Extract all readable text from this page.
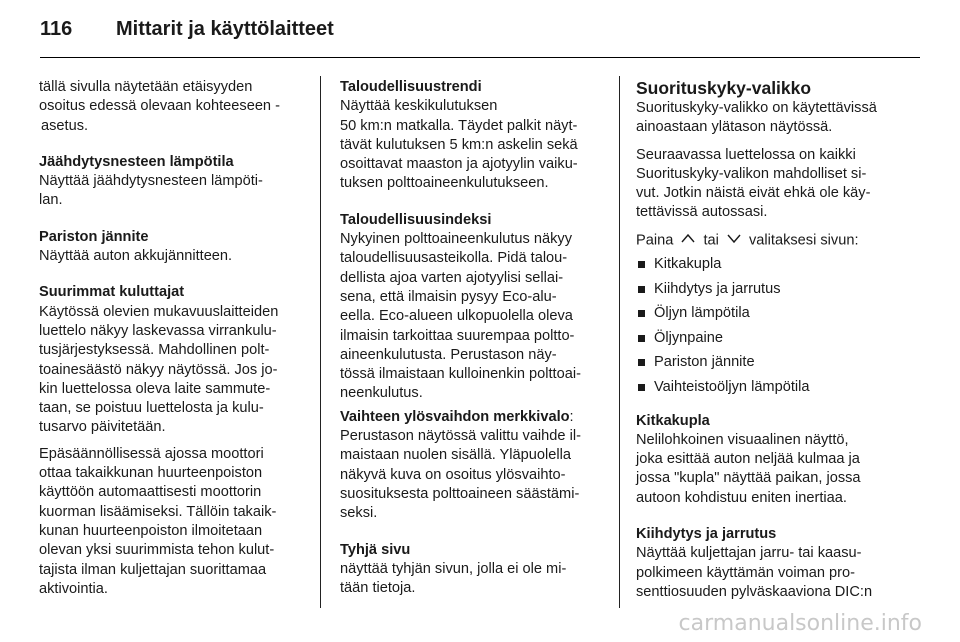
116	Mittarit ja käyttölaitteet
tällä sivulla näytetään etäisyyden
osoitus edessä olevaan kohteeseen -
asetus.
Jäähdytysnesteen lämpötila
Näyttää jäähdytysnesteen lämpöti-
lan.
Pariston jännite
Näyttää auton akkujännitteen.
Suurimmat kuluttajat
Käytössä olevien mukavuuslaitteiden
luettelo näkyy laskevassa virrankulu-
tusjärjestyksessä. Mahdollinen polt-
toainesäästö näkyy näytössä. Jos jo-
kin luettelossa oleva laite sammute-
taan, se poistuu luettelosta ja kulu-
tusarvo päivitetään.
Epäsäännöllisessä ajossa moottori
ottaa takaikkunan huurteenpoiston
käyttöön automaattisesti moottorin
kuorman lisäämiseksi. Tällöin takaik-
kunan huurteenpoiston ilmoitetaan
olevan yksi suurimmista tehon kulut-
tajista ilman kuljettajan suorittamaa
aktivointia.
Taloudellisuustrendi
Näyttää keskikulutuksen
50 km:n matkalla. Täydet palkit näyt-
tävät kulutuksen 5 km:n askelin sekä
osoittavat maaston ja ajotyylin vaiku-
tuksen polttoaineenkulutukseen.
Taloudellisuusindeksi
Nykyinen polttoaineenkulutus näkyy
taloudellisuusasteikolla. Pidä talou-
dellista ajoa varten ajotyylisi sellai-
sena, että ilmaisin pysyy Eco-alu-
eella. Eco-alueen ulkopuolella oleva
ilmaisin tarkoittaa suurempaa poltto-
aineenkulutusta. Perustason näy-
tössä ilmaistaan kulloinenkin polttoai-
neenkulutus.
Vaihteen ylösvaihdon merkkivalo:
Perustason näytössä valittu vaihde il-
maistaan nuolen sisällä. Yläpuolella
näkyvä kuva on osoitus ylösvaihto-
suosituksesta polttoaineen säästämi-
seksi.
Tyhjä sivu
näyttää tyhjän sivun, jolla ei ole mi-
tään tietoja.
Suorituskyky-valikko
Suorituskyky-valikko on käytettävissä
ainoastaan ylätason näytössä.
Seuraavassa luettelossa on kaikki
Suorituskyky-valikon mahdolliset si-
vut. Jotkin näistä eivät ehkä ole käy-
tettävissä autossasi.
Paina tai valitaksesi sivun:
Kitkakupla
Kiihdytys ja jarrutus
Öljyn lämpötila
Öljynpaine
Pariston jännite
Vaihteistoöljyn lämpötila
Kitkakupla
Nelilohkoinen visuaalinen näyttö,
joka esittää auton neljää kulmaa ja
jossa "kupla" näyttää paikan, jossa
autoon kohdistuu eniten inertiaa.
Kiihdytys ja jarrutus
Näyttää kuljettajan jarru- tai kaasu-
polkimeen käyttämän voiman pro-
senttiosuuden pylväskaaviona DIC:n
carmanualsonline.info
